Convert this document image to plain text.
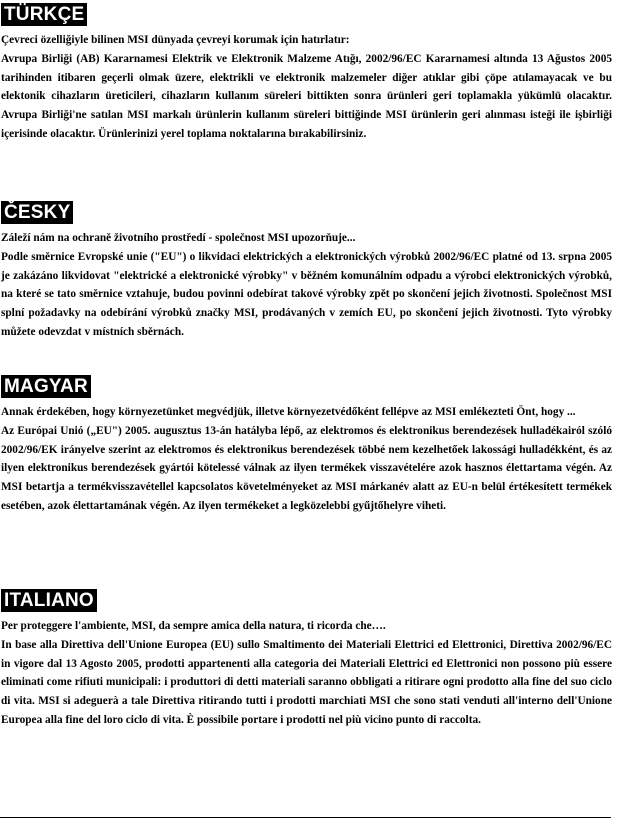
TÜRKÇE

Çevreci özelliğiyle bilinen MSI dünyada çevreyi korumak için hatırlatır:

Avrupa Birliği (AB) Kararnamesi Elektrik ve Elektronik Malzeme Atığı, 2002/96/EC Kararnamesi altında 13 Ağustos 2005 tarihinden itibaren geçerli olmak üzere, elektrikli ve elektronik malzemeler diğer atıklar gibi çöpe atılamayacak ve bu elektonik cihazların üreticileri, cihazların kullanım süreleri bittikten sonra ürünleri geri toplamakla yükümlü olacaktır. Avrupa Birliği'ne satılan MSI markalı ürünlerin kullanım süreleri bittiğinde MSI ürünlerin geri alınması isteği ile işbirliği içerisinde olacaktır. Ürünlerinizi yerel toplama noktalarına bırakabilirsiniz.

ČESKY

Záleží nám na ochraně životního prostředí - společnost MSI upozorňuje...

Podle směrnice Evropské unie ("EU") o likvidaci elektrických a elektronických výrobků 2002/96/EC platné od 13. srpna 2005 je zakázáno likvidovat "elektrické a elektronické výrobky" v běžném komunálním odpadu a výrobci elektronických výrobků, na které se tato směrnice vztahuje, budou povinni odebírat takové výrobky zpět po skončení jejich životnosti. Společnost MSI splní požadavky na odebírání výrobků značky MSI, prodávaných v zemích EU, po skončení jejich životnosti. Tyto výrobky můžete odevzdat v místních sběrnách.

MAGYAR

Annak érdekében, hogy környezetünket megvédjük, illetve környezetvédőként fellépve az MSI emlékezteti Önt, hogy ...

Az Európai Unió („EU") 2005. augusztus 13-án hatályba lépő, az elektromos és elektronikus berendezések hulladékairól szóló 2002/96/EK irányelve szerint az elektromos és elektronikus berendezések többé nem kezelhetőek lakossági hulladékként, és az ilyen elektronikus berendezések gyártói kötelessé válnak az ilyen termékek visszavételére azok hasznos élettartama végén. Az MSI betartja a termékvisszavétellel kapcsolatos követelményeket az MSI márkanév alatt az EU-n belül értékesített termékek esetében, azok élettartamának végén. Az ilyen termékeket a legközelebbi gyűjtőhelyre viheti.

ITALIANO

Per proteggere l'ambiente, MSI, da sempre amica della natura, ti ricorda che….

In base alla Direttiva dell'Unione Europea (EU) sullo Smaltimento dei Materiali Elettrici ed Elettronici, Direttiva 2002/96/EC in vigore dal 13 Agosto 2005, prodotti appartenenti alla categoria dei Materiali Elettrici ed Elettronici non possono più essere eliminati come rifiuti municipali: i produttori di detti materiali saranno obbligati a ritirare ogni prodotto alla fine del suo ciclo di vita. MSI si adeguerà a tale Direttiva ritirando tutti i prodotti marchiati MSI che sono stati venduti all'interno dell'Unione Europea alla fine del loro ciclo di vita. È possibile portare i prodotti nel più vicino punto di raccolta.
